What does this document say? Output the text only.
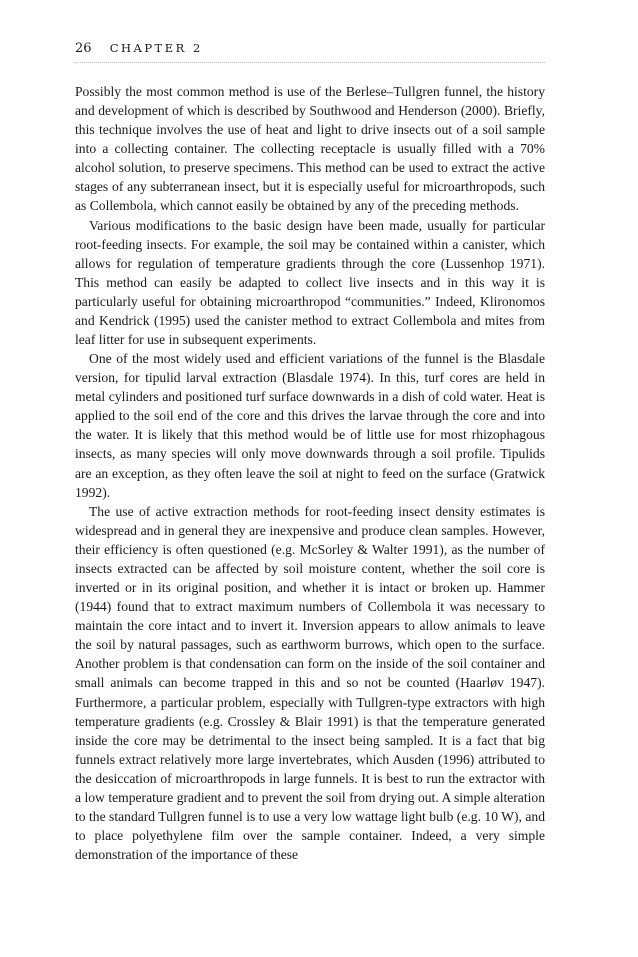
26 CHAPTER 2

Possibly the most common method is use of the Berlese–Tullgren funnel, the history and development of which is described by Southwood and Henderson (2000). Briefly, this technique involves the use of heat and light to drive insects out of a soil sample into a collecting container. The collecting receptacle is usually filled with a 70% alcohol solution, to preserve specimens. This method can be used to extract the active stages of any subterranean insect, but it is especially useful for microarthropods, such as Collembola, which cannot easily be obtained by any of the preceding methods.

Various modifications to the basic design have been made, usually for particular root-feeding insects. For example, the soil may be contained within a canister, which allows for regulation of temperature gradients through the core (Lussenhop 1971). This method can easily be adapted to collect live insects and in this way it is particularly useful for obtaining microarthropod “communities.” Indeed, Klironomos and Kendrick (1995) used the canister method to extract Collembola and mites from leaf litter for use in subsequent experiments.

One of the most widely used and efficient variations of the funnel is the Blasdale version, for tipulid larval extraction (Blasdale 1974). In this, turf cores are held in metal cylinders and positioned turf surface downwards in a dish of cold water. Heat is applied to the soil end of the core and this drives the larvae through the core and into the water. It is likely that this method would be of little use for most rhizophagous insects, as many species will only move downwards through a soil profile. Tipulids are an exception, as they often leave the soil at night to feed on the surface (Gratwick 1992).

The use of active extraction methods for root-feeding insect density estimates is widespread and in general they are inexpensive and produce clean samples. However, their efficiency is often questioned (e.g. McSorley & Walter 1991), as the number of insects extracted can be affected by soil moisture content, whether the soil core is inverted or in its original position, and whether it is intact or broken up. Hammer (1944) found that to extract maximum numbers of Collembola it was necessary to maintain the core intact and to invert it. Inversion appears to allow animals to leave the soil by natural passages, such as earthworm burrows, which open to the surface. Another problem is that condensation can form on the inside of the soil container and small animals can become trapped in this and so not be counted (Haarløv 1947). Furthermore, a particular problem, especially with Tullgren-type extractors with high temperature gradients (e.g. Crossley & Blair 1991) is that the temperature generated inside the core may be detrimental to the insect being sampled. It is a fact that big funnels extract relatively more large invertebrates, which Ausden (1996) attributed to the desiccation of microarthropods in large funnels. It is best to run the extractor with a low temperature gradient and to prevent the soil from drying out. A simple alteration to the standard Tullgren funnel is to use a very low wattage light bulb (e.g. 10 W), and to place polyethylene film over the sample container. Indeed, a very simple demonstration of the importance of these
